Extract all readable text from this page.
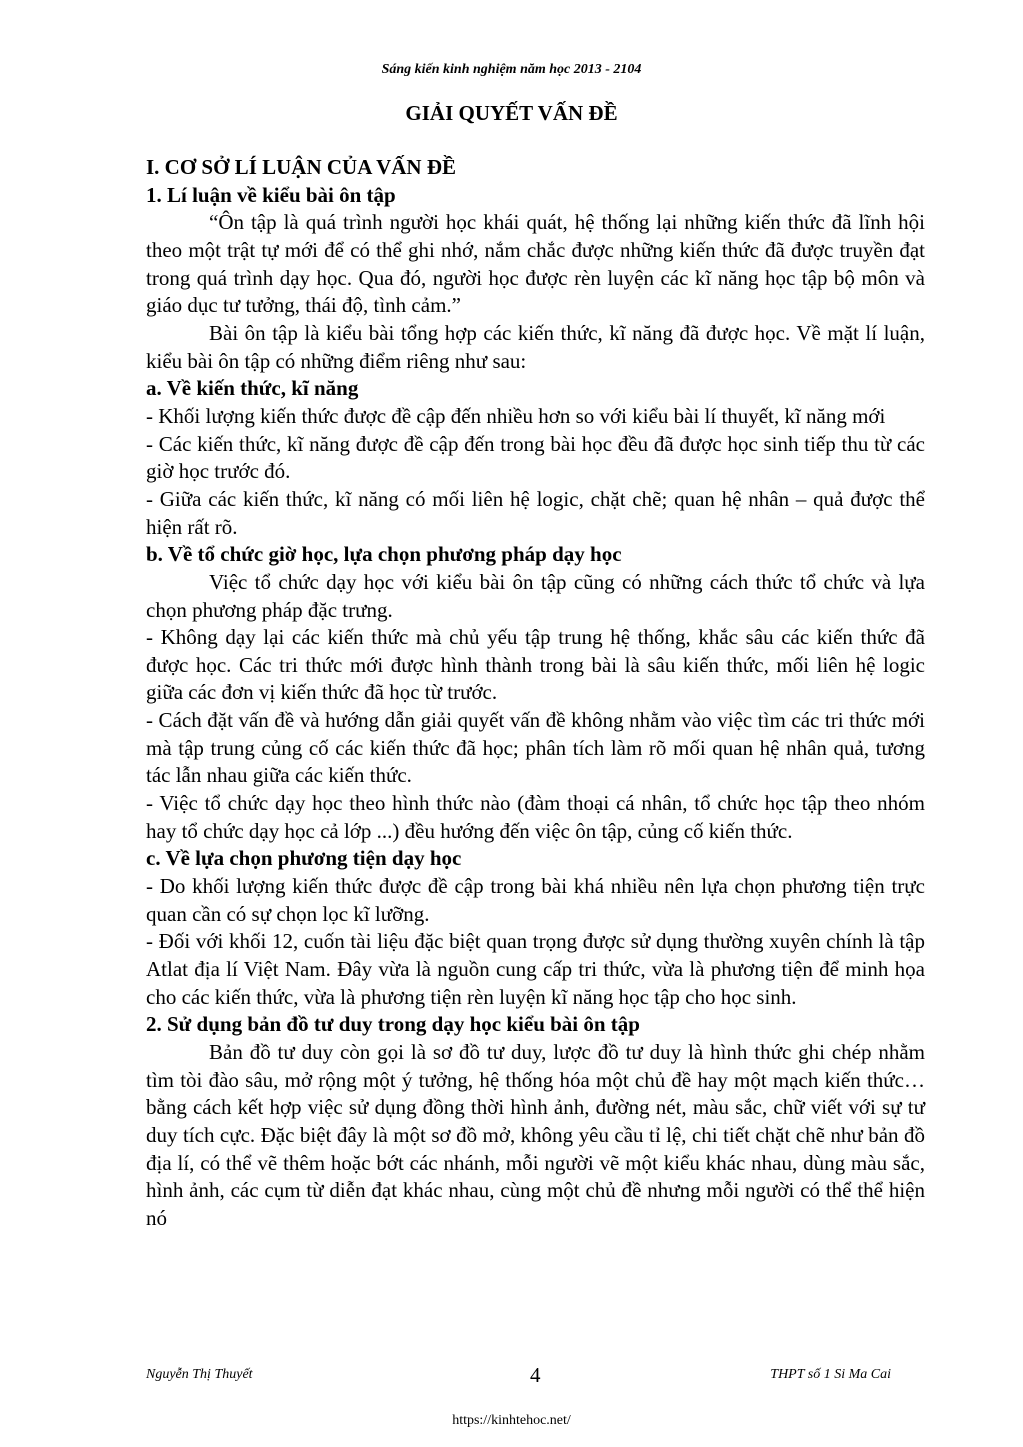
Sáng kiến kinh nghiệm năm học 2013 - 2104
GIẢI QUYẾT VẤN ĐỀ

I. CƠ SỞ LÍ LUẬN CỦA VẤN ĐỀ

1. Lí luận về kiểu bài ôn tập

“Ôn tập là quá trình người học khái quát, hệ thống lại những kiến thức đã lĩnh hội theo một trật tự mới để có thể ghi nhớ, nắm chắc được những kiến thức đã được truyền đạt trong quá trình dạy học. Qua đó, người học được rèn luyện các kĩ năng học tập bộ môn và giáo dục tư tưởng, thái độ, tình cảm.”

Bài ôn tập là kiểu bài tổng hợp các kiến thức, kĩ năng đã được học. Về mặt lí luận, kiểu bài ôn tập có những điểm riêng như sau:

a. Về kiến thức, kĩ năng

- Khối lượng kiến thức được đề cập đến nhiều hơn so với kiểu bài lí thuyết, kĩ năng mới

- Các kiến thức, kĩ năng được đề cập đến trong bài học đều đã được học sinh tiếp thu từ các giờ học trước đó.

- Giữa các kiến thức, kĩ năng có mối liên hệ logic, chặt chẽ; quan hệ nhân – quả được thể hiện rất rõ.

b. Về tổ chức giờ học, lựa chọn phương pháp dạy học

Việc tổ chức dạy học với kiểu bài ôn tập cũng có những cách thức tổ chức và lựa chọn phương pháp đặc trưng.

- Không dạy lại các kiến thức mà chủ yếu tập trung hệ thống, khắc sâu các kiến thức đã được học. Các tri thức mới được hình thành trong bài là sâu kiến thức, mối liên hệ logic giữa các đơn vị kiến thức đã học từ trước.

- Cách đặt vấn đề và hướng dẫn giải quyết vấn đề không nhằm vào việc tìm các tri thức mới mà tập trung củng cố các kiến thức đã học; phân tích làm rõ mối quan hệ nhân quả, tương tác lẫn nhau giữa các kiến thức.

- Việc tổ chức dạy học theo hình thức nào (đàm thoại cá nhân, tổ chức học tập theo nhóm hay tổ chức dạy học cả lớp ...) đều hướng đến việc ôn tập, củng cố kiến thức.

c. Về lựa chọn phương tiện dạy học

- Do khối lượng kiến thức được đề cập trong bài khá nhiều nên lựa chọn phương tiện trực quan cần có sự chọn lọc kĩ lưỡng.

- Đối với khối 12, cuốn tài liệu đặc biệt quan trọng được sử dụng thường xuyên chính là tập Atlat địa lí Việt Nam. Đây vừa là nguồn cung cấp tri thức, vừa là phương tiện để minh họa cho các kiến thức, vừa là phương tiện rèn luyện kĩ năng học tập cho học sinh.

2. Sử dụng bản đồ tư duy trong dạy học kiểu bài ôn tập

Bản đồ tư duy còn gọi là sơ đồ tư duy, lược đồ tư duy là hình thức ghi chép nhằm tìm tòi đào sâu, mở rộng một ý tưởng, hệ thống hóa một chủ đề hay một mạch kiến thức… bằng cách kết hợp việc sử dụng đồng thời hình ảnh, đường nét, màu sắc, chữ viết với sự tư duy tích cực. Đặc biệt đây là một sơ đồ mở, không yêu cầu tỉ lệ, chi tiết chặt chẽ như bản đồ địa lí, có thể vẽ thêm hoặc bớt các nhánh, mỗi người vẽ một kiểu khác nhau, dùng màu sắc, hình ảnh, các cụm từ diễn đạt khác nhau, cùng một chủ đề nhưng mỗi người có thể thể hiện nó

Nguyễn Thị Thuyết	4	THPT số 1 Si Ma Cai
https://kinhtehoc.net/
